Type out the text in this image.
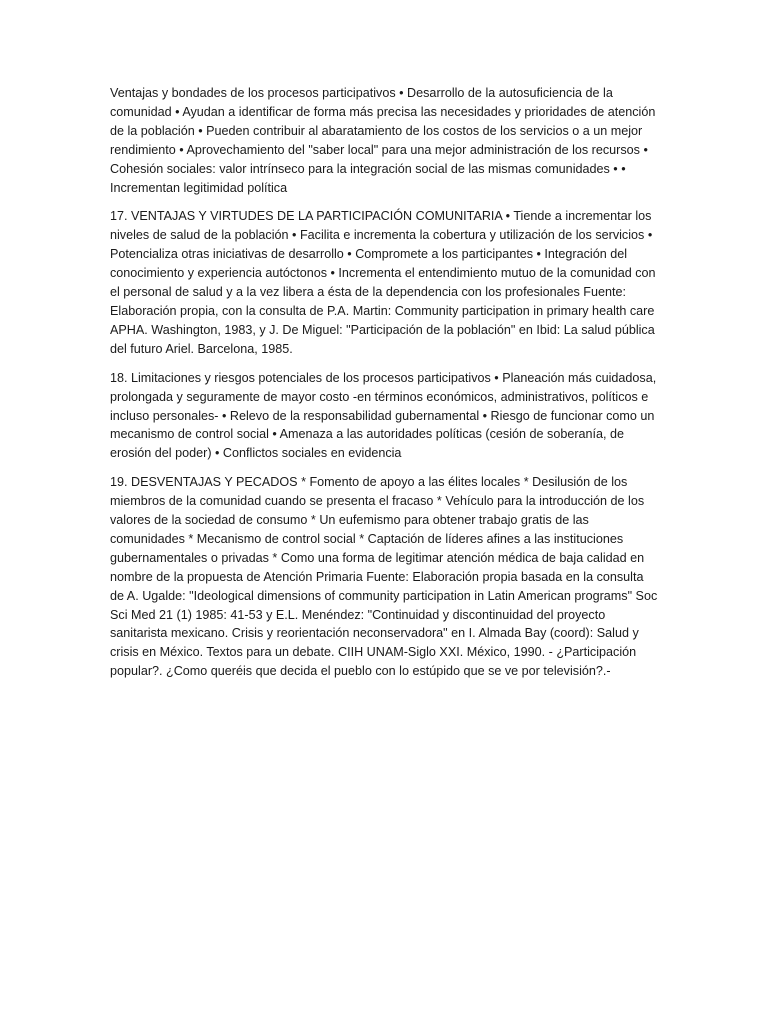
Ventajas y bondades de los procesos participativos • Desarrollo de la autosuficiencia de la comunidad • Ayudan a identificar de forma más precisa las necesidades y prioridades de atención de la población • Pueden contribuir al abaratamiento de los costos de los servicios o a un mejor rendimiento • Aprovechamiento del "saber local" para una mejor administración de los recursos • Cohesión sociales: valor intrínseco para la integración social de las mismas comunidades • • Incrementan legitimidad política

17. VENTAJAS Y VIRTUDES DE LA PARTICIPACIÓN COMUNITARIA • Tiende a incrementar los niveles de salud de la población • Facilita e incrementa la cobertura y utilización de los servicios • Potencializa otras iniciativas de desarrollo • Compromete a los participantes • Integración del conocimiento y experiencia autóctonos • Incrementa el entendimiento mutuo de la comunidad con el personal de salud y a la vez libera a ésta de la dependencia con los profesionales Fuente: Elaboración propia, con la consulta de P.A. Martin: Community participation in primary health care APHA. Washington, 1983, y J. De Miguel: "Participación de la población" en Ibid: La salud pública del futuro Ariel. Barcelona, 1985.

18. Limitaciones y riesgos potenciales de los procesos participativos • Planeación más cuidadosa, prolongada y seguramente de mayor costo -en términos económicos, administrativos, políticos e incluso personales- • Relevo de la responsabilidad gubernamental • Riesgo de funcionar como un mecanismo de control social • Amenaza a las autoridades políticas (cesión de soberanía, de erosión del poder) • Conflictos sociales en evidencia

19. DESVENTAJAS Y PECADOS * Fomento de apoyo a las élites locales * Desilusión de los miembros de la comunidad cuando se presenta el fracaso * Vehículo para la introducción de los valores de la sociedad de consumo * Un eufemismo para obtener trabajo gratis de las comunidades * Mecanismo de control social * Captación de líderes afines a las instituciones gubernamentales o privadas * Como una forma de legitimar atención médica de baja calidad en nombre de la propuesta de Atención Primaria Fuente: Elaboración propia basada en la consulta de A. Ugalde: "Ideological dimensions of community participation in Latin American programs" Soc Sci Med 21 (1) 1985: 41-53 y E.L. Menéndez: "Continuidad y discontinuidad del proyecto sanitarista mexicano. Crisis y reorientación neconservadora" en I. Almada Bay (coord): Salud y crisis en México. Textos para un debate. CIIH UNAM-Siglo XXI. México, 1990. - ¿Participación popular?. ¿Como queréis que decida el pueblo con lo estúpido que se ve por televisión?.-
